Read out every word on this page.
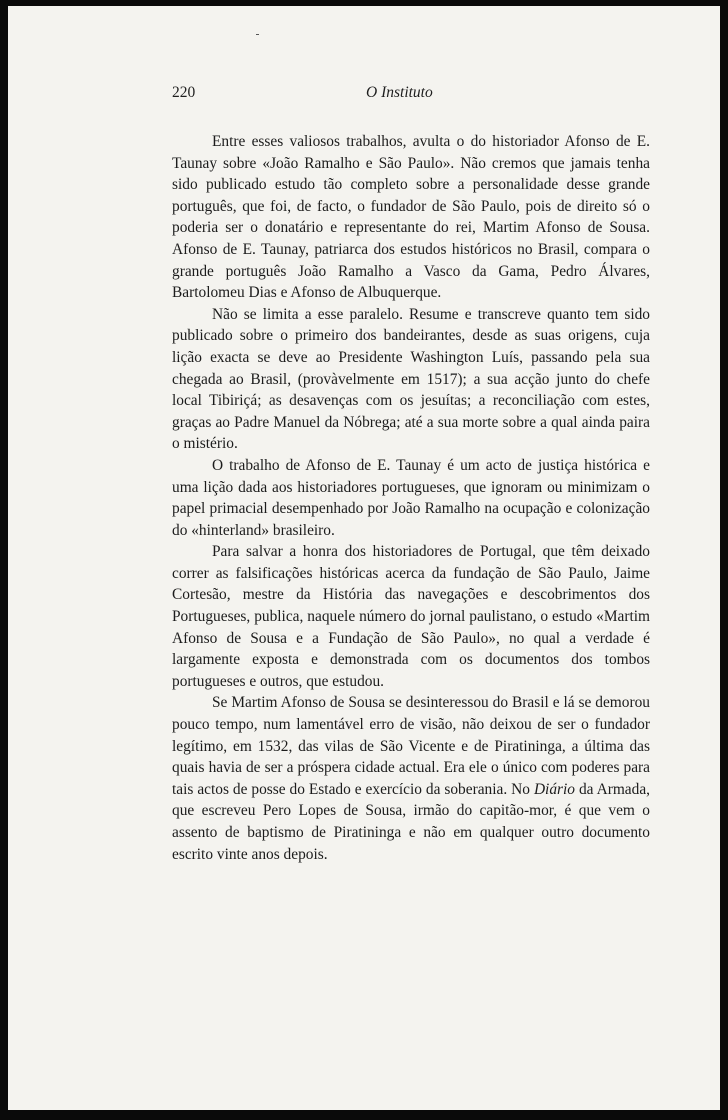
220	O Instituto

Entre esses valiosos trabalhos, avulta o do historiador Afonso de E. Taunay sobre «João Ramalho e São Paulo». Não cremos que jamais tenha sido publicado estudo tão completo sobre a personalidade desse grande português, que foi, de facto, o fundador de São Paulo, pois de direito só o poderia ser o donatário e representante do rei, Martim Afonso de Sousa. Afonso de E. Taunay, patriarca dos estudos históricos no Brasil, compara o grande português João Ramalho a Vasco da Gama, Pedro Álvares, Bartolomeu Dias e Afonso de Albuquerque.

Não se limita a esse paralelo. Resume e transcreve quanto tem sido publicado sobre o primeiro dos bandeirantes, desde as suas origens, cuja lição exacta se deve ao Presidente Washington Luís, passando pela sua chegada ao Brasil, (provàvelmente em 1517); a sua acção junto do chefe local Tibiriçá; as desavenças com os jesuítas; a reconciliação com estes, graças ao Padre Manuel da Nóbrega; até a sua morte sobre a qual ainda paira o mistério.

O trabalho de Afonso de E. Taunay é um acto de justiça histórica e uma lição dada aos historiadores portugueses, que ignoram ou minimizam o papel primacial desempenhado por João Ramalho na ocupação e colonização do «hinterland» brasileiro.

Para salvar a honra dos historiadores de Portugal, que têm deixado correr as falsificações históricas acerca da fundação de São Paulo, Jaime Cortesão, mestre da História das navegações e descobrimentos dos Portugueses, publica, naquele número do jornal paulistano, o estudo «Martim Afonso de Sousa e a Fundação de São Paulo», no qual a verdade é largamente exposta e demonstrada com os documentos dos tombos portugueses e outros, que estudou.

Se Martim Afonso de Sousa se desinteressou do Brasil e lá se demorou pouco tempo, num lamentável erro de visão, não deixou de ser o fundador legítimo, em 1532, das vilas de São Vicente e de Piratininga, a última das quais havia de ser a próspera cidade actual. Era ele o único com poderes para tais actos de posse do Estado e exercício da soberania. No Diário da Armada, que escreveu Pero Lopes de Sousa, irmão do capitão-mor, é que vem o assento de baptismo de Piratininga e não em qualquer outro documento escrito vinte anos depois.
